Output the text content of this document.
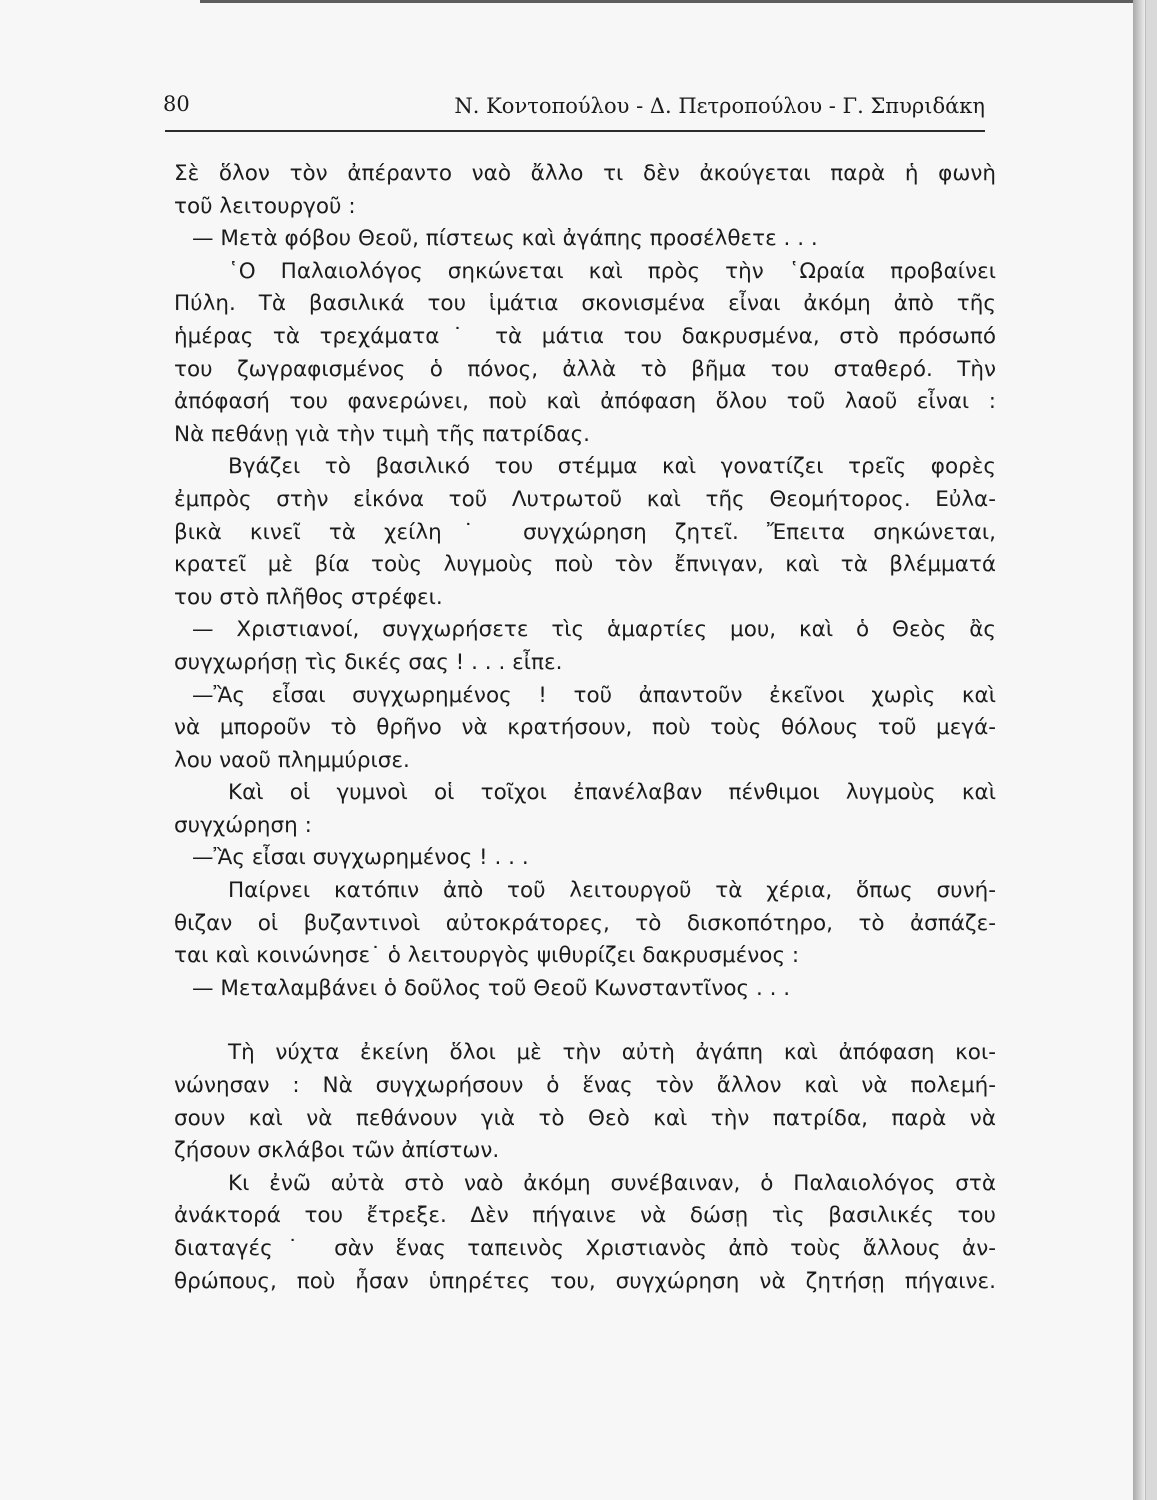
80	Ν. Κοντοπούλου - Δ. Πετροπούλου - Γ. Σπυριδάκη

Σὲ ὅλον τὸν ἀπέραντο ναὸ ἄλλο τι δὲν ἀκούγεται παρὰ ἡ φωνὴ

τοῦ λειτουργοῦ :

— Μετὰ φόβου Θεοῦ, πίστεως καὶ ἀγάπης προσέλθετε . . .

῾Ο Παλαιολόγος σηκώνεται καὶ πρὸς τὴν ῾Ωραία προβαίνει

Πύλη. Τὰ βασιλικά του ἱμάτια σκονισμένα εἶναι ἀκόμη ἀπὸ τῆς

ἡμέρας τὰ τρεχάματα˙ τὰ μάτια του δακρυσμένα, στὸ πρόσωπό

του ζωγραφισμένος ὁ πόνος, ἀλλὰ τὸ βῆμα του σταθερό. Τὴν

ἀπόφασή του φανερώνει, ποὺ καὶ ἀπόφαση ὅλου τοῦ λαοῦ εἶναι :

Νὰ πεθάνῃ γιὰ τὴν τιμὴ τῆς πατρίδας.

Βγάζει τὸ βασιλικό του στέμμα καὶ γονατίζει τρεῖς φορὲς

ἐμπρὸς στὴν εἰκόνα τοῦ Λυτρωτοῦ καὶ τῆς Θεομήτορος. Εὐλα-

βικὰ κινεῖ τὰ χείλη˙ συγχώρηση ζητεῖ. Ἔπειτα σηκώνεται,

κρατεῖ μὲ βία τοὺς λυγμοὺς ποὺ τὸν ἔπνιγαν, καὶ τὰ βλέμματά

του στὸ πλῆθος στρέφει.

— Χριστιανοί, συγχωρήσετε τὶς ἁμαρτίες μου, καὶ ὁ Θεὸς ἂς

συγχωρήσῃ τὶς δικές σας ! . . . εἶπε.

—Ἂς εἶσαι συγχωρημένος ! τοῦ ἀπαντοῦν ἐκεῖνοι χωρὶς καὶ

νὰ μποροῦν τὸ θρῆνο νὰ κρατήσουν, ποὺ τοὺς θόλους τοῦ μεγά-

λου ναοῦ πλημμύρισε.

Καὶ οἱ γυμνοὶ οἱ τοῖχοι ἐπανέλαβαν πένθιμοι λυγμοὺς καὶ

συγχώρηση :

—Ἂς εἶσαι συγχωρημένος ! . . .

Παίρνει κατόπιν ἀπὸ τοῦ λειτουργοῦ τὰ χέρια, ὅπως συνή-

θιζαν οἱ βυζαντινοὶ αὐτοκράτορες, τὸ δισκοπότηρο, τὸ ἀσπάζε-

ται καὶ κοινώνησε˙ ὁ λειτουργὸς ψιθυρίζει δακρυσμένος :

— Μεταλαμβάνει ὁ δοῦλος τοῦ Θεοῦ Κωνσταντῖνος . . .

Τὴ νύχτα ἐκείνη ὅλοι μὲ τὴν αὐτὴ ἀγάπη καὶ ἀπόφαση κοι-

νώνησαν : Νὰ συγχωρήσουν ὁ ἕνας τὸν ἄλλον καὶ νὰ πολεμή-

σουν καὶ νὰ πεθάνουν γιὰ τὸ Θεὸ καὶ τὴν πατρίδα, παρὰ νὰ

ζήσουν σκλάβοι τῶν ἀπίστων.

Κι ἐνῶ αὐτὰ στὸ ναὸ ἀκόμη συνέβαιναν, ὁ Παλαιολόγος στὰ

ἀνάκτορά του ἔτρεξε. Δὲν πήγαινε νὰ δώσῃ τὶς βασιλικές του

διαταγές˙ σὰν ἕνας ταπεινὸς Χριστιανὸς ἀπὸ τοὺς ἄλλους ἀν-

θρώπους, ποὺ ἦσαν ὑπηρέτες του, συγχώρηση νὰ ζητήσῃ πήγαινε.
